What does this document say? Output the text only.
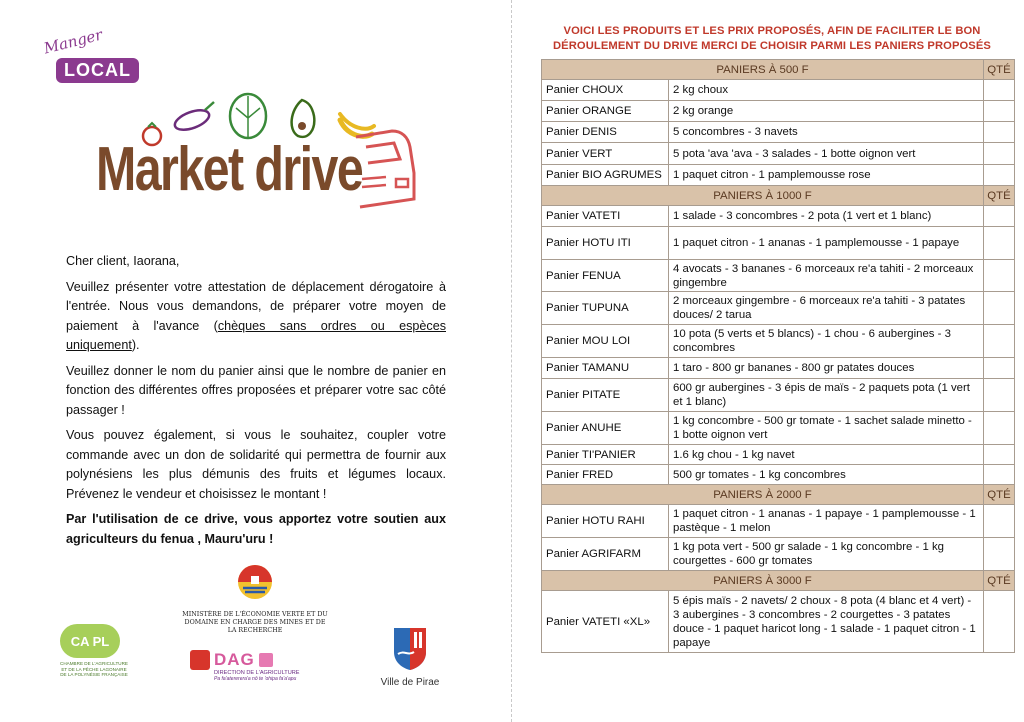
Manger
LOCAL
Market drive

Cher client, Iaorana,

Veuillez présenter votre attestation de déplacement dérogatoire à l'entrée. Nous vous demandons, de préparer votre moyen de paiement à l'avance (chèques sans ordres ou espèces uniquement).

Veuillez donner le nom du panier ainsi que le nombre de panier en fonction des différentes offres proposées et préparer votre sac côté passager !

Vous pouvez également, si vous le souhaitez, coupler votre commande avec un don de solidarité qui permettra de fournir aux polynésiens les plus démunis des fruits et légumes locaux. Prévenez le vendeur et choisissez le montant !

Par l'utilisation de ce drive, vous apportez votre soutien aux agriculteurs du fenua , Mauru'uru !

CA PL
CHAMBRE DE L'AGRICULTURE ET DE LA PÊCHE LAGONAIRE DE LA POLYNÉSIE FRANÇAISE
MINISTÈRE DE L'ÉCONOMIE VERTE ET DU DOMAINE EN CHARGE DES MINES ET DE LA RECHERCHE
DAG
DIRECTION DE L'AGRICULTURE
Pa fa'atererera'a nō te 'ohipa fa'a'apu	Ville de Pirae
VOICI LES PRODUITS ET LES PRIX PROPOSÉS, AFIN DE FACILITER LE BON
DÉROULEMENT DU DRIVE MERCI DE CHOISIR PARMI LES PANIERS PROPOSÉS
PANIERS À 500 F		QTÉ
Panier CHOUX	2 kg choux	
Panier ORANGE	2 kg orange	
Panier DENIS	5 concombres - 3 navets	
Panier VERT	5 pota 'ava 'ava - 3 salades - 1 botte oignon vert	
Panier BIO AGRUMES	1 paquet citron - 1 pamplemousse rose	
PANIERS À 1000 F		QTÉ
Panier VATETI	1 salade - 3 concombres - 2 pota (1 vert et 1 blanc)	
Panier HOTU ITI	1 paquet citron - 1 ananas - 1 pamplemousse - 1 papaye	
Panier FENUA	4 avocats - 3 bananes - 6 morceaux re'a tahiti - 2 morceaux gingembre	
Panier TUPUNA	2 morceaux gingembre - 6 morceaux re'a tahiti - 3 patates douces/ 2 tarua	
Panier MOU LOI	10 pota (5 verts et 5 blancs) - 1 chou - 6 aubergines - 3 concombres	
Panier TAMANU	1 taro - 800 gr bananes - 800 gr patates douces	
Panier PITATE	600 gr aubergines - 3 épis de maïs - 2 paquets pota (1 vert et 1 blanc)	
Panier ANUHE	1 kg concombre - 500 gr tomate - 1 sachet salade minetto - 1 botte oignon vert	
Panier TI'PANIER	1.6 kg chou - 1 kg navet	
Panier FRED	500 gr tomates - 1 kg concombres	
PANIERS À 2000 F		QTÉ
Panier HOTU RAHI	1 paquet citron - 1 ananas - 1 papaye - 1 pamplemousse - 1 pastèque - 1 melon	
Panier AGRIFARM	1 kg pota vert - 500 gr salade - 1 kg concombre - 1 kg courgettes - 600 gr tomates	
PANIERS À 3000 F		QTÉ
Panier VATETI «XL»	5 épis maïs - 2 navets/ 2 choux - 8 pota (4 blanc et 4 vert) - 3 aubergines - 3 concombres - 2 courgettes - 3 patates douce - 1 paquet haricot long - 1 salade - 1 paquet citron - 1 papaye	
